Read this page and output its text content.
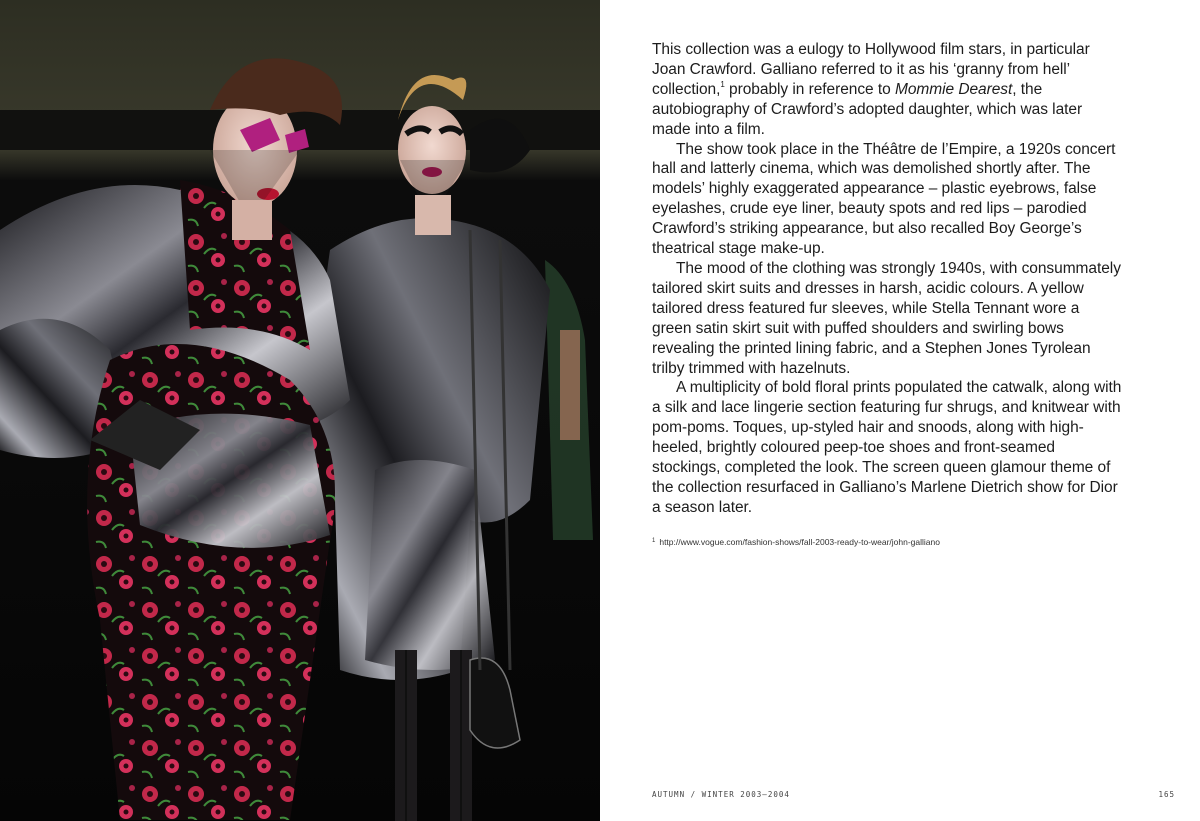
This collection was a eulogy to Hollywood film stars, in particular Joan Crawford. Galliano referred to it as his ‘granny from hell’ collection,$^1$ probably in reference to Mommie Dearest, the autobiography of Crawford’s adopted daughter, which was later made into a film.

The show took place in the Théâtre de l’Empire, a 1920s concert hall and latterly cinema, which was demolished shortly after. The models’ highly exaggerated appearance – plastic eyebrows, false eyelashes, crude eye liner, beauty spots and red lips – parodied Crawford’s striking appearance, but also recalled Boy George’s theatrical stage make-up.

The mood of the clothing was strongly 1940s, with consummately tailored skirt suits and dresses in harsh, acidic colours. A yellow tailored dress featured fur sleeves, while Stella Tennant wore a green satin skirt suit with puffed shoulders and swirling bows revealing the printed lining fabric, and a Stephen Jones Tyrolean trilby trimmed with hazelnuts.

A multiplicity of bold floral prints populated the catwalk, along with a silk and lace lingerie section featuring fur shrugs, and knitwear with pom-poms. Toques, up-styled hair and snoods, along with high-heeled, brightly coloured peep-toe shoes and front-seamed stockings, completed the look. The screen queen glamour theme of the collection resurfaced in Galliano’s Marlene Dietrich show for Dior a season later.

$^1$ http://www.vogue.com/fashion-shows/fall-2003-ready-to-wear/john-galliano
AUTUMN / WINTER 2003–2004	165
